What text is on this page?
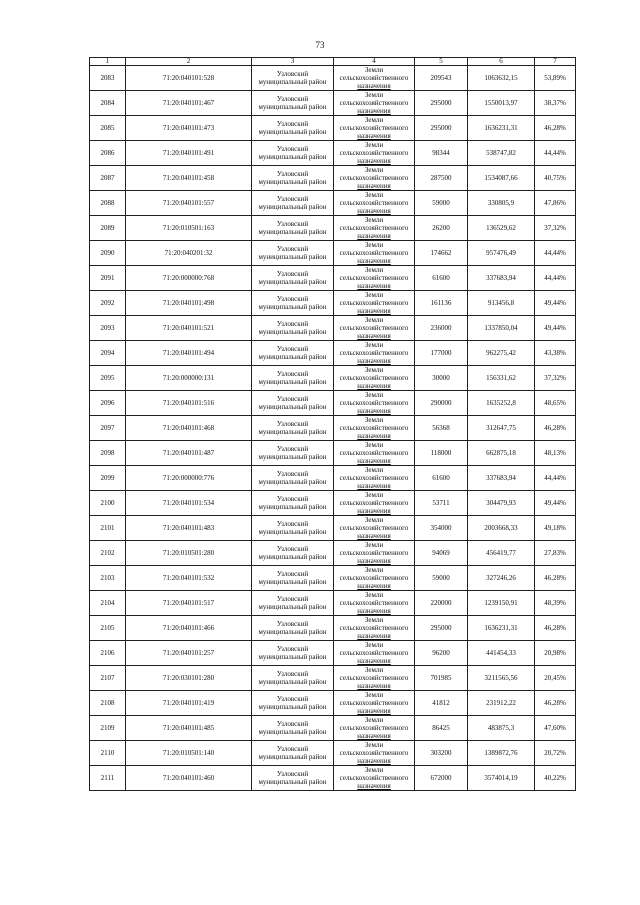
73
1	2	3	4	5	6	7
2083	71:20:040101:528	Узловский
муниципальный район	Земли
сельскохозяйственного
назначения	209543	1063632,15	53,89%
2084	71:20:040101:467	Узловский
муниципальный район	Земли
сельскохозяйственного
назначения	295000	1550013,97	38,37%
2085	71:20:040101:473	Узловский
муниципальный район	Земли
сельскохозяйственного
назначения	295000	1636231,31	46,28%
2086	71:20:040101:491	Узловский
муниципальный район	Земли
сельскохозяйственного
назначения	98344	538747,82	44,44%
2087	71:20:040101:458	Узловский
муниципальный район	Земли
сельскохозяйственного
назначения	287500	1534087,66	40,75%
2088	71:20:040101:557	Узловский
муниципальный район	Земли
сельскохозяйственного
назначения	59000	330805,9	47,86%
2089	71:20:010501:163	Узловский
муниципальный район	Земли
сельскохозяйственного
назначения	26200	136529,62	37,32%
2090	71:20:040201:32	Узловский
муниципальный район	Земли
сельскохозяйственного
назначения	174662	957476,49	44,44%
2091	71:20:000000:768	Узловский
муниципальный район	Земли
сельскохозяйственного
назначения	61600	337683,94	44,44%
2092	71:20:040101:498	Узловский
муниципальный район	Земли
сельскохозяйственного
назначения	161136	913456,8	49,44%
2093	71:20:040101:521	Узловский
муниципальный район	Земли
сельскохозяйственного
назначения	236000	1337850,04	49,44%
2094	71:20:040101:494	Узловский
муниципальный район	Земли
сельскохозяйственного
назначения	177000	962275,42	43,38%
2095	71:20:000000:131	Узловский
муниципальный район	Земли
сельскохозяйственного
назначения	30000	156331,62	37,32%
2096	71:20:040101:516	Узловский
муниципальный район	Земли
сельскохозяйственного
назначения	290000	1635252,8	48,65%
2097	71:20:040101:468	Узловский
муниципальный район	Земли
сельскохозяйственного
назначения	56368	312647,75	46,28%
2098	71:20:040101:487	Узловский
муниципальный район	Земли
сельскохозяйственного
назначения	118000	662875,18	48,13%
2099	71:20:000000:776	Узловский
муниципальный район	Земли
сельскохозяйственного
назначения	61600	337683,94	44,44%
2100	71:20:040101:534	Узловский
муниципальный район	Земли
сельскохозяйственного
назначения	53711	304479,93	49,44%
2101	71:20:040101:483	Узловский
муниципальный район	Земли
сельскохозяйственного
назначения	354000	2003668,33	49,18%
2102	71:20:010501:280	Узловский
муниципальный район	Земли
сельскохозяйственного
назначения	94069	456419,77	27,83%
2103	71:20:040101:532	Узловский
муниципальный район	Земли
сельскохозяйственного
назначения	59000	327246,26	46,28%
2104	71:20:040101:517	Узловский
муниципальный район	Земли
сельскохозяйственного
назначения	220000	1239150,91	48,39%
2105	71:20:040101:466	Узловский
муниципальный район	Земли
сельскохозяйственного
назначения	295000	1636231,31	46,28%
2106	71:20:040101:257	Узловский
муниципальный район	Земли
сельскохозяйственного
назначения	96200	441454,33	20,98%
2107	71:20:030101:280	Узловский
муниципальный район	Земли
сельскохозяйственного
назначения	701985	3211565,56	20,45%
2108	71:20:040101:419	Узловский
муниципальный район	Земли
сельскохозяйственного
назначения	41812	231912,22	46,28%
2109	71:20:040101:485	Узловский
муниципальный район	Земли
сельскохозяйственного
назначения	86425	483875,3	47,60%
2110	71:20:010501:140	Узловский
муниципальный район	Земли
сельскохозяйственного
назначения	303200	1389872,76	20,72%
2111	71:20:040101:460	Узловский
муниципальный район	Земли
сельскохозяйственного
назначения	672000	3574014,19	40,22%
